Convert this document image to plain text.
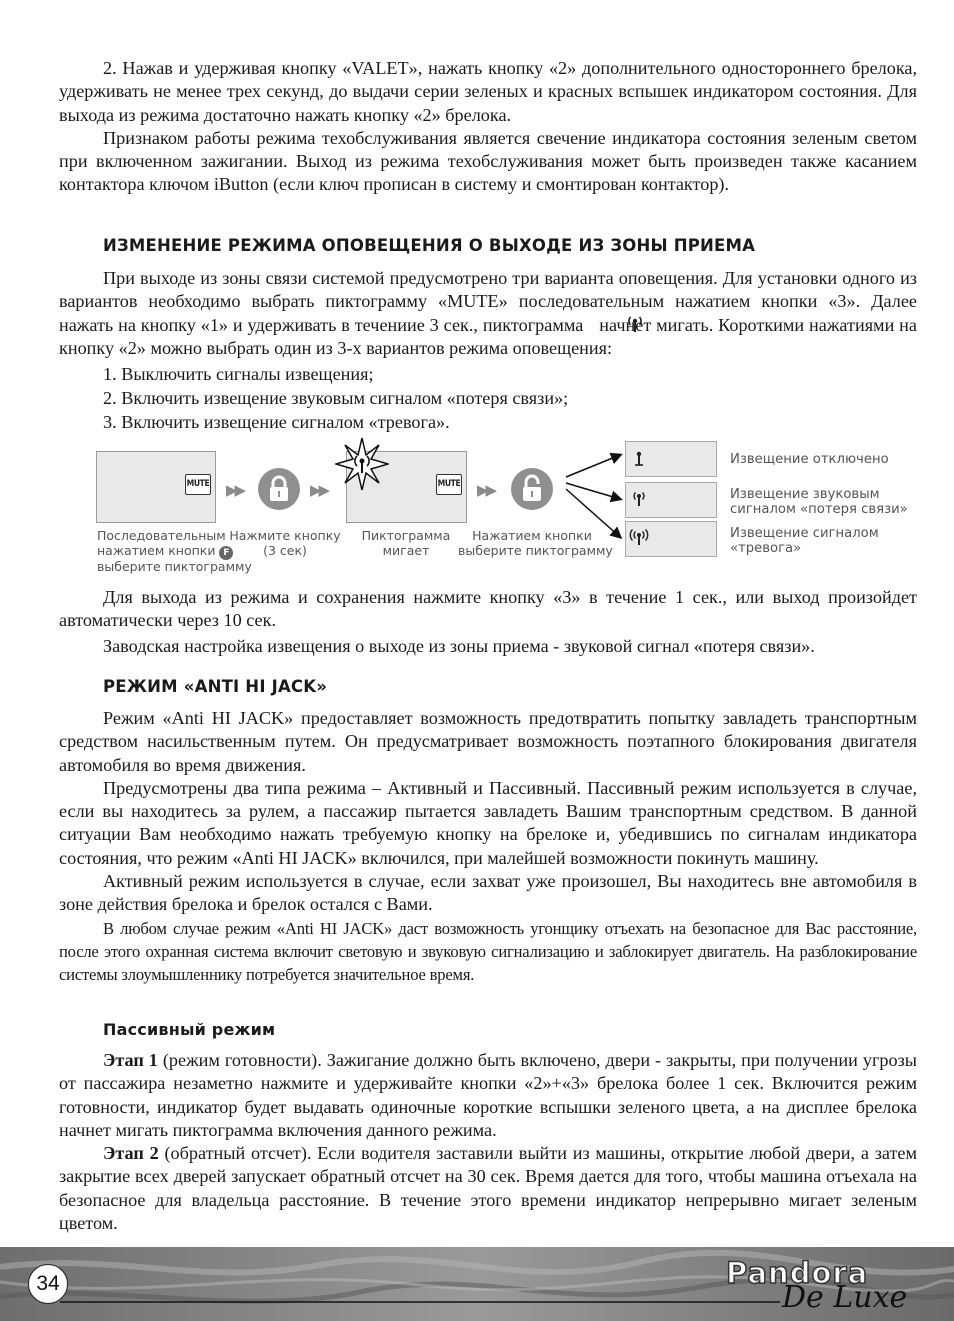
2. Нажав и удерживая кнопку «VALET», нажать кнопку «2» дополнительного одностороннего брелока, удерживать не менее трех секунд, до выдачи серии зеленых и красных вспышек индикатором состояния. Для выхода из режима достаточно нажать кнопку «2» брелока.

Признаком работы режима техобслуживания является свечение индикатора состояния зеленым светом при включенном зажигании. Выход из режима техобслуживания может быть произведен также касанием контактора ключом iButton (если ключ прописан в систему и смонтирован контактор).

ИЗМЕНЕНИЕ РЕЖИМА ОПОВЕЩЕНИЯ О ВЫХОДЕ ИЗ ЗОНЫ ПРИЕМА

При выходе из зоны связи системой предусмотрено три варианта оповещения. Для установки одного из вариантов необходимо выбрать пиктограмму «MUTE» последовательным нажатием кнопки «3». Далее нажать на кнопку «1» и удерживать в течениие 3 сек., пиктограмма начнет мигать. Короткими нажатиями на кнопку «2» можно выбрать один из 3-х вариантов режима оповещения:

1. Выключить сигналы извещения;
2. Включить извещение звуковым сигналом «потеря связи»;
3. Включить извещение сигналом «тревога».
MUTE ▶▶	▶▶	MUTE ▶▶
Извещение отключено
Извещение звуковым
сигналом «потеря связи»
Извещение сигналом
«тревога»
Последовательным
нажатием кнопки F
выберите пиктограмму
Нажмите кнопку
(3 сек)
Пиктограмма
мигает
Нажатием кнопки
выберите пиктограмму

Для выхода из режима и сохранения нажмите кнопку «3» в течение 1 сек., или выход произойдет автоматически через 10 сек.

Заводская настройка извещения о выходе из зоны приема - звуковой сигнал «потеря связи».

РЕЖИМ «ANTI HI JACK»

Режим «Anti HI JACK» предоставляет возможность предотвратить попытку завладеть транспортным средством насильственным путем. Он предусматривает возможность поэтапного блокирования двигателя автомобиля во время движения.

Предусмотрены два типа режима – Активный и Пассивный. Пассивный режим используется в случае, если вы находитесь за рулем, а пассажир пытается завладеть Вашим транспортным средством. В данной ситуации Вам необходимо нажать требуемую кнопку на брелоке и, убедившись по сигналам индикатора состояния, что режим «Anti HI JACK» включился, при малейшей возможности покинуть машину.

Активный режим используется в случае, если захват уже произошел, Вы находитесь вне автомобиля в зоне действия брелока и брелок остался с Вами.

В любом случае режим «Anti HI JACK» даст возможность угонщику отъехать на безопасное для Вас расстояние, после этого охранная система включит световую и звуковую сигнализацию и заблокирует двигатель. На разблокирование системы злоумышленнику потребуется значительное время.

Пассивный режим

Этап 1 (режим готовности). Зажигание должно быть включено, двери - закрыты, при получении угрозы от пассажира незаметно нажмите и удерживайте кнопки «2»+«3» брелока более 1 сек. Включится режим готовности, индикатор будет выдавать одиночные короткие вспышки зеленого цвета, а на дисплее брелока начнет мигать пиктограмма включения данного режима.

Этап 2 (обратный отсчет). Если водителя заставили выйти из машины, открытие любой двери, а затем закрытие всех дверей запускает обратный отсчет на 30 сек. Время дается для того, чтобы машина отъехала на безопасное для владельца расстояние. В течение этого времени индикатор непрерывно мигает зеленым цветом.

Pandora
De Luxe
34
